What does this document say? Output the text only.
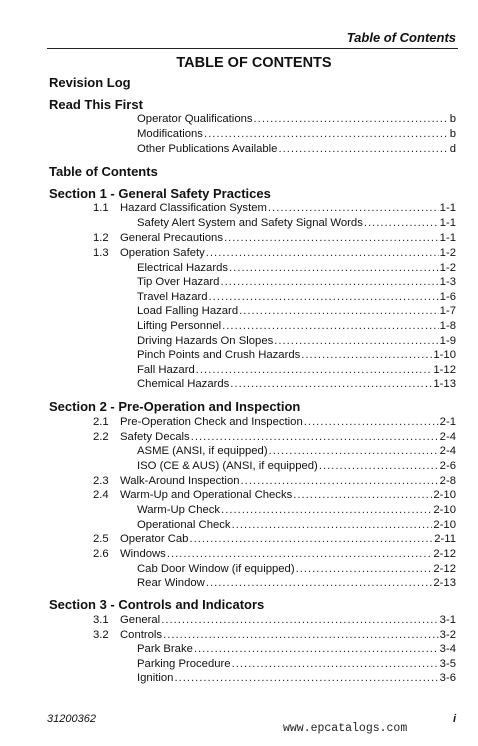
Table of Contents
TABLE OF CONTENTS
Revision Log
Read This First
Operator Qualifications .....	b
Modifications .....	b
Other Publications Available .....	d
Table of Contents
Section 1 - General Safety Practices
1.1 Hazard Classification System .....	1-1
Safety Alert System and Safety Signal Words .....	1-1
1.2 General Precautions .....	1-1
1.3 Operation Safety .....	1-2
Electrical Hazards .....	1-2
Tip Over Hazard .....	1-3
Travel Hazard .....	1-6
Load Falling Hazard .....	1-7
Lifting Personnel .....	1-8
Driving Hazards On Slopes .....	1-9
Pinch Points and Crush Hazards .....	1-10
Fall Hazard .....	1-12
Chemical Hazards .....	1-13
Section 2 - Pre-Operation and Inspection
2.1 Pre-Operation Check and Inspection .....	2-1
2.2 Safety Decals .....	2-4
ASME (ANSI, if equipped) .....	2-4
ISO (CE & AUS) (ANSI, if equipped) .....	2-6
2.3 Walk-Around Inspection .....	2-8
2.4 Warm-Up and Operational Checks .....	2-10
Warm-Up Check .....	2-10
Operational Check .....	2-10
2.5 Operator Cab .....	2-11
2.6 Windows .....	2-12
Cab Door Window (if equipped) .....	2-12
Rear Window .....	2-13
Section 3 - Controls and Indicators
3.1 General .....	3-1
3.2 Controls .....	3-2
Park Brake .....	3-4
Parking Procedure .....	3-5
Ignition .....	3-6
31200362
www.epcatalogs.com
i
